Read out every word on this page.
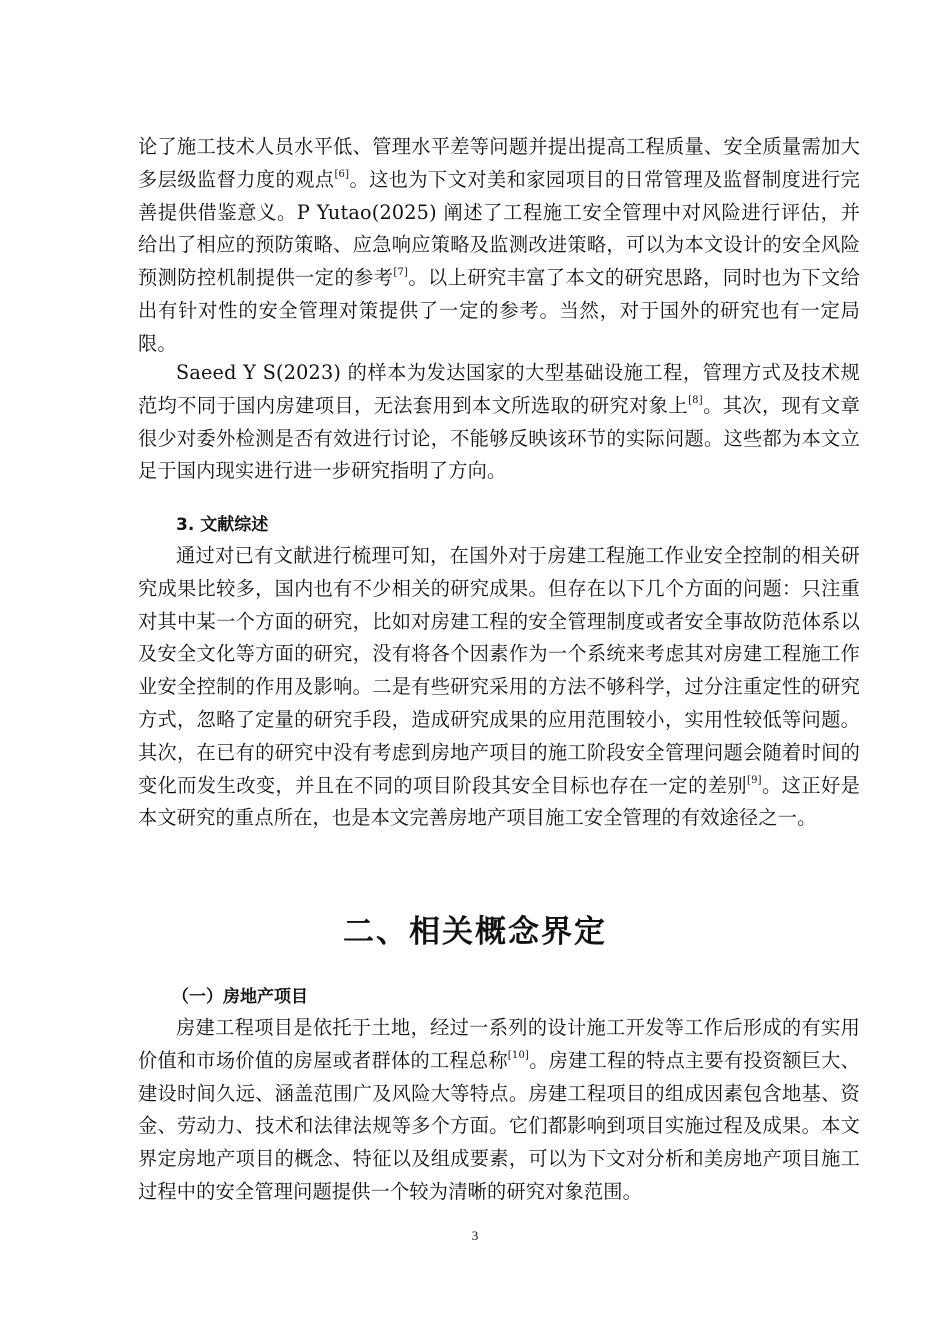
论了施工技术人员水平低、管理水平差等问题并提出提高工程质量、安全质量需加大多层级监督力度的观点[6]。这也为下文对美和家园项目的日常管理及监督制度进行完善提供借鉴意义。P Yutao(2025) 阐述了工程施工安全管理中对风险进行评估，并给出了相应的预防策略、应急响应策略及监测改进策略，可以为本文设计的安全风险预测防控机制提供一定的参考[7]。以上研究丰富了本文的研究思路，同时也为下文给出有针对性的安全管理对策提供了一定的参考。当然，对于国外的研究也有一定局限。

Saeed Y S(2023) 的样本为发达国家的大型基础设施工程，管理方式及技术规范均不同于国内房建项目，无法套用到本文所选取的研究对象上[8]。其次，现有文章很少对委外检测是否有效进行讨论，不能够反映该环节的实际问题。这些都为本文立足于国内现实进行进一步研究指明了方向。

3. 文献综述

通过对已有文献进行梳理可知，在国外对于房建工程施工作业安全控制的相关研究成果比较多，国内也有不少相关的研究成果。但存在以下几个方面的问题：只注重对其中某一个方面的研究，比如对房建工程的安全管理制度或者安全事故防范体系以及安全文化等方面的研究，没有将各个因素作为一个系统来考虑其对房建工程施工作业安全控制的作用及影响。二是有些研究采用的方法不够科学，过分注重定性的研究方式，忽略了定量的研究手段，造成研究成果的应用范围较小，实用性较低等问题。其次，在已有的研究中没有考虑到房地产项目的施工阶段安全管理问题会随着时间的变化而发生改变，并且在不同的项目阶段其安全目标也存在一定的差别[9]。这正好是本文研究的重点所在，也是本文完善房地产项目施工安全管理的有效途径之一。

二、相关概念界定

（一）房地产项目

房建工程项目是依托于土地，经过一系列的设计施工开发等工作后形成的有实用价值和市场价值的房屋或者群体的工程总称[10]。房建工程的特点主要有投资额巨大、建设时间久远、涵盖范围广及风险大等特点。房建工程项目的组成因素包含地基、资金、劳动力、技术和法律法规等多个方面。它们都影响到项目实施过程及成果。本文界定房地产项目的概念、特征以及组成要素，可以为下文对分析和美房地产项目施工过程中的安全管理问题提供一个较为清晰的研究对象范围。

3
